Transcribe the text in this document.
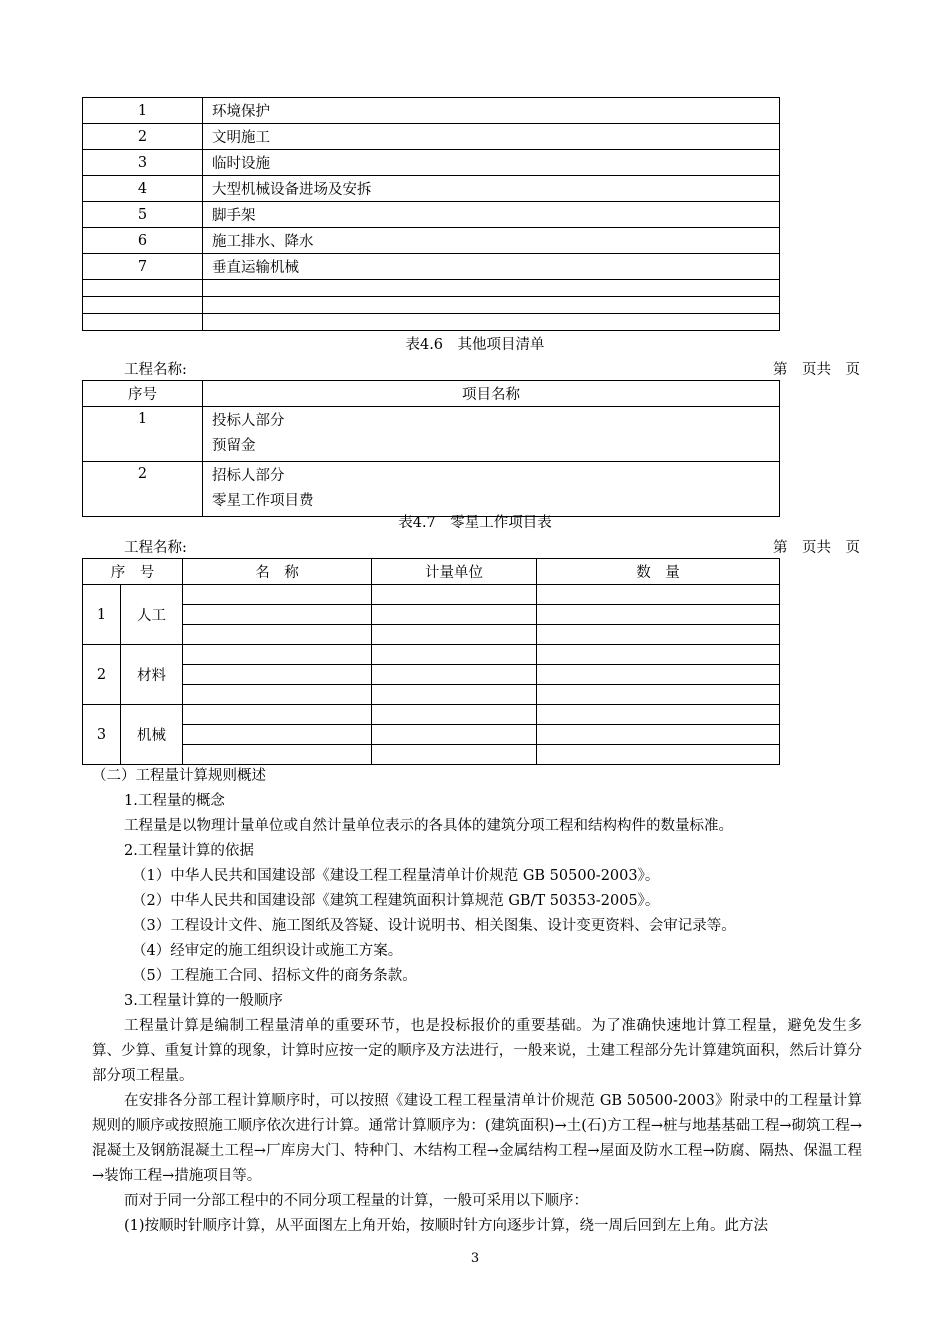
1	环境保护
2	文明施工
3	临时设施
4	大型机械设备进场及安拆
5	脚手架
6	施工排水、降水
7	垂直运输机械

表4.6　其他项目清单
工程名称:	第　页共　页
序号	项目名称
1	投标人部分
预留金

2	招标人部分
零星工作项目费
表4.7　零星工作项目表
工程名称:	第　页共　页
序　号		名　称	计量单位	数　量
1	人工			

2	材料			

3	机械			

（二）工程量计算规则概述
1.工程量的概念
工程量是以物理计量单位或自然计量单位表示的各具体的建筑分项工程和结构构件的数量标准。
2.工程量计算的依据
（1）中华人民共和国建设部《建设工程工程量清单计价规范 GB 50500-2003》。
（2）中华人民共和国建设部《建筑工程建筑面积计算规范 GB/T 50353-2005》。
（3）工程设计文件、施工图纸及答疑、设计说明书、相关图集、设计变更资料、会审记录等。
（4）经审定的施工组织设计或施工方案。
（5）工程施工合同、招标文件的商务条款。
3.工程量计算的一般顺序
工程量计算是编制工程量清单的重要环节，也是投标报价的重要基础。为了准确快速地计算工程量，避免发生多算、少算、重复计算的现象，计算时应按一定的顺序及方法进行，一般来说，土建工程部分先计算建筑面积，然后计算分部分项工程量。
在安排各分部工程计算顺序时，可以按照《建设工程工程量清单计价规范 GB 50500-2003》附录中的工程量计算规则的顺序或按照施工顺序依次进行计算。通常计算顺序为：(建筑面积)→土(石)方工程→桩与地基基础工程→砌筑工程→混凝土及钢筋混凝土工程→厂库房大门、特种门、木结构工程→金属结构工程→屋面及防水工程→防腐、隔热、保温工程→装饰工程→措施项目等。
而对于同一分部工程中的不同分项工程量的计算，一般可采用以下顺序：
(1)按顺时针顺序计算，从平面图左上角开始，按顺时针方向逐步计算，绕一周后回到左上角。此方法
3
